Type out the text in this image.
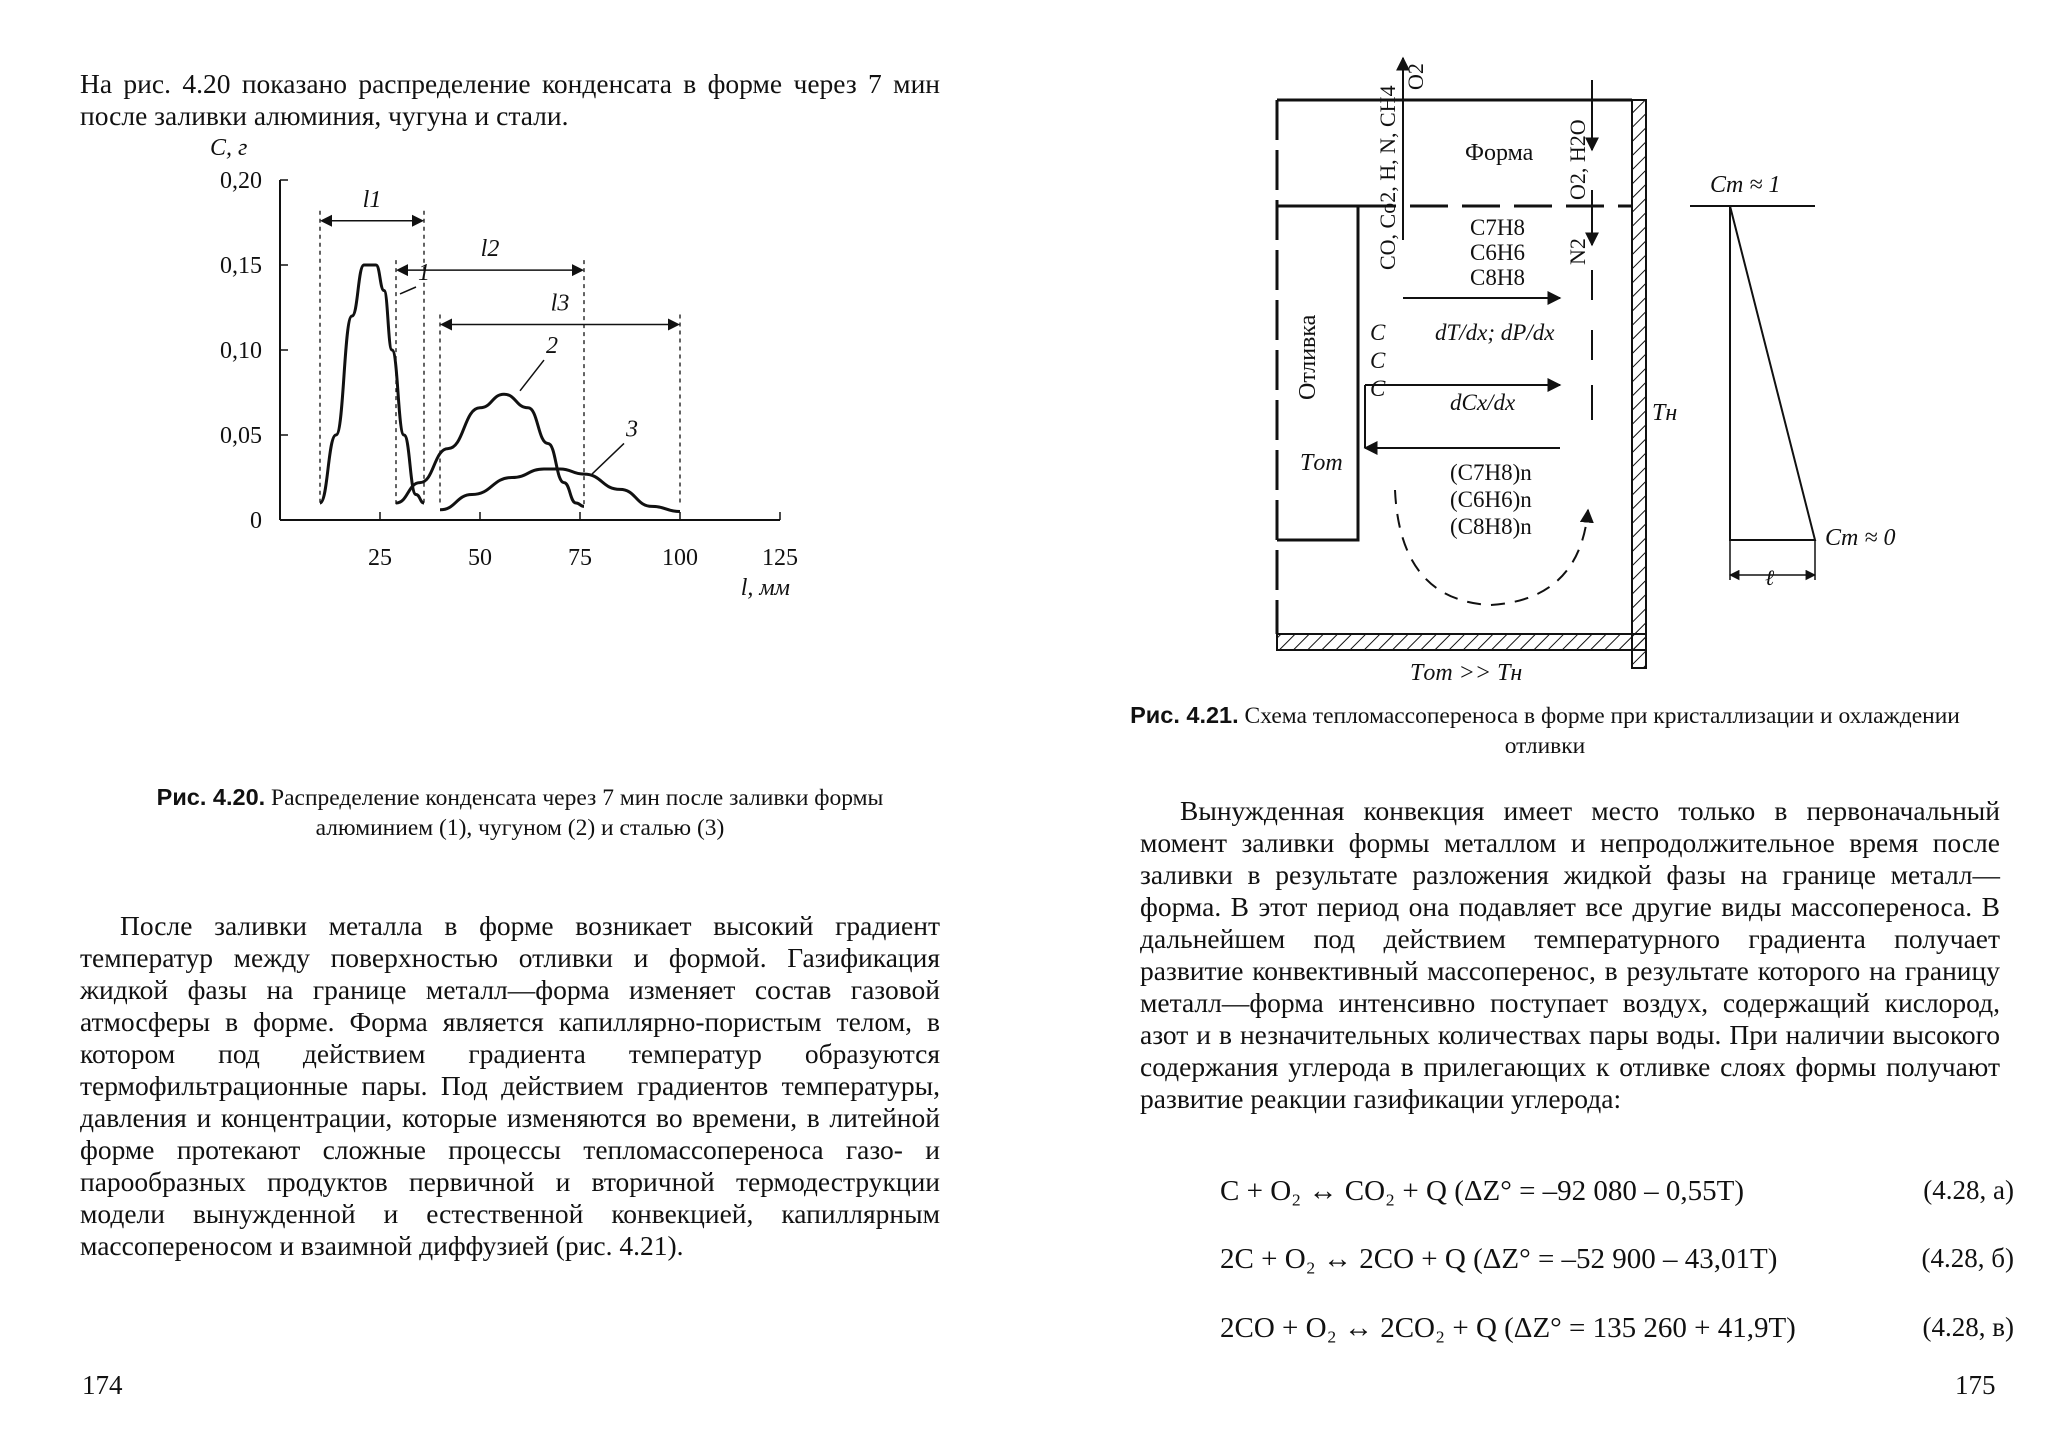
На рис. 4.20 показано распределение конденсата в форме через 7 мин после заливки алюминия, чугуна и стали.
0
0,05
0,10
0,15
0,20
25	50	75	100	125
С, г
l, мм
l1
l2
l3
1
2
3
Рис. 4.20. Распределение конденсата через 7 мин после заливки формы алюминием (1), чугуном (2) и сталью (3)
После заливки металла в форме возникает высокий градиент температур между поверхностью отливки и формой. Газификация жидкой фазы на границе металл—форма изменяет состав газовой атмосферы в форме. Форма является капиллярно-пористым телом, в котором под действием градиента температур образуются термофильтрационные пары. Под действием градиентов температуры, давления и концентрации, которые изменяются во времени, в литейной форме протекают сложные процессы тепломассопереноса газо- и парообразных продуктов первичной и вторичной термодеструкции модели вынужденной и естественной конвекцией, капиллярным массопереносом и взаимной диффузией (рис. 4.21).
174
Форма
Отливка
Tот
Tн
Tот >> Tн
CO, Co2, H, N, CH4
O2
O2, H2O
N2
C7H8
C6H6
C8H8
dT/dx; dP/dx
dCx/dx
(C7H8)n
(C6H6)n
(C8H8)n
C
C
C
Cт ≈ 1
Cт ≈ 0
ℓ
Рис. 4.21. Схема тепломассопереноса в форме при кристаллизации и охлаждении отливки
Вынужденная конвекция имеет место только в первоначальный момент заливки формы металлом и непродолжительное время после заливки в результате разложения жидкой фазы на границе металл—форма. В этот период она подавляет все другие виды массопереноса. В дальнейшем под действием температурного градиента получает развитие конвективный массоперенос, в результате которого на границу металл—форма интенсивно поступает воздух, содержащий кислород, азот и в незначительных количествах пары воды. При наличии высокого содержания углерода в прилегающих к отливке слоях формы получают развитие реакции газификации углерода:
C + O₂ ↔ CO₂ + Q (ΔZ° = –92 080 – 0,55T)	(4.28, а)
2C + O₂ ↔ 2CO + Q (ΔZ° = –52 900 – 43,01T)	(4.28, б)
2CO + O₂ ↔ 2CO₂ + Q (ΔZ° = 135 260 + 41,9T)	(4.28, в)
175
